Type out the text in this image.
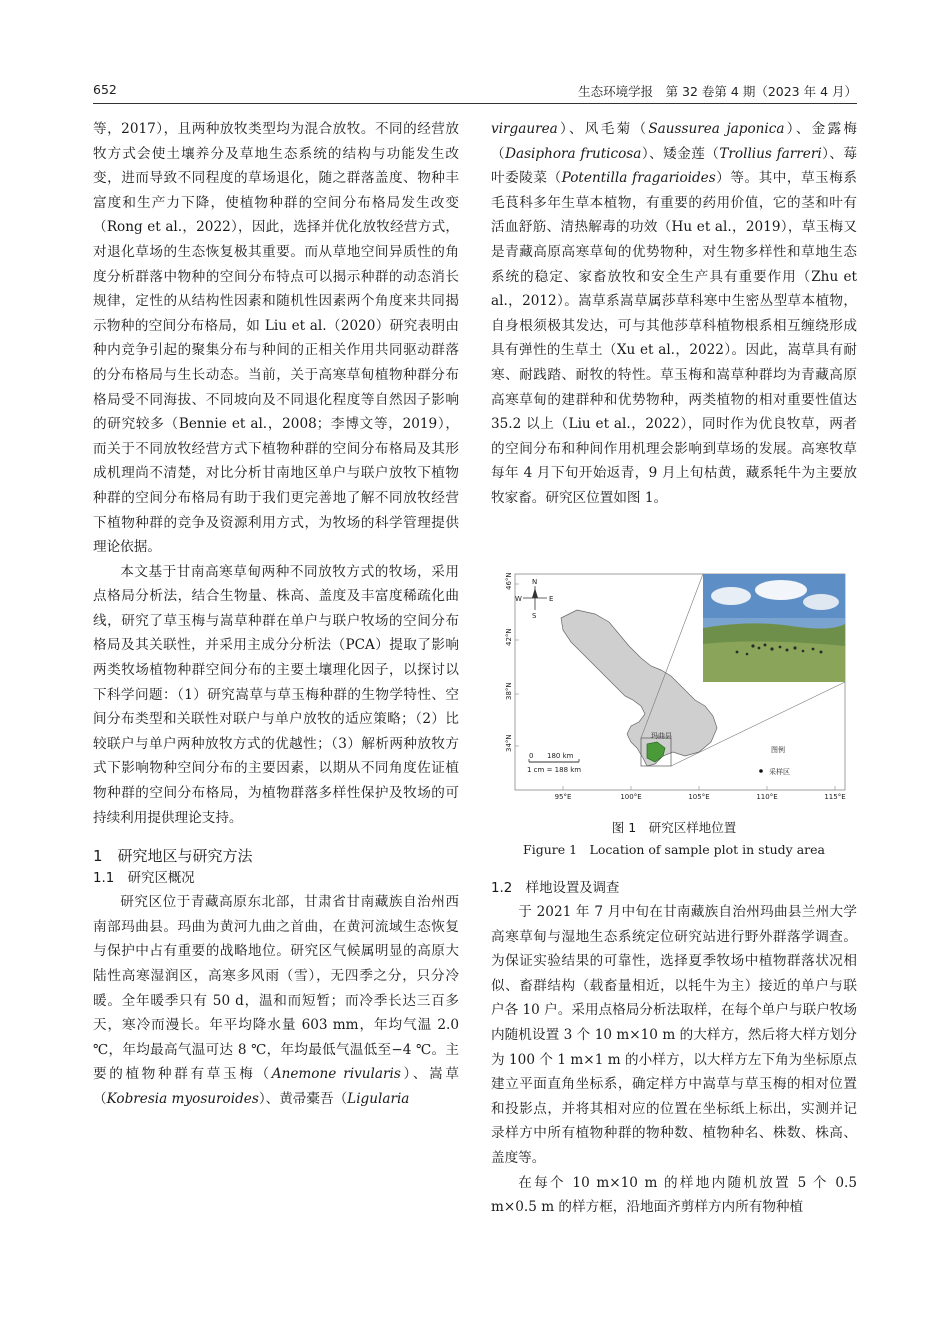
652	生态环境学报　第 32 卷第 4 期（2023 年 4 月）

等，2017），且两种放牧类型均为混合放牧。不同的经营放牧方式会使土壤养分及草地生态系统的结构与功能发生改变，进而导致不同程度的草场退化，随之群落盖度、物种丰富度和生产力下降，使植物种群的空间分布格局发生改变（Rong et al.，2022），因此，选择并优化放牧经营方式，对退化草场的生态恢复极其重要。而从草地空间异质性的角度分析群落中物种的空间分布特点可以揭示种群的动态消长规律，定性的从结构性因素和随机性因素两个角度来共同揭示物种的空间分布格局，如 Liu et al.（2020）研究表明由种内竞争引起的聚集分布与种间的正相关作用共同驱动群落的分布格局与生长动态。当前，关于高寒草甸植物种群分布格局受不同海拔、不同坡向及不同退化程度等自然因子影响的研究较多（Bennie et al.，2008；李博文等，2019），而关于不同放牧经营方式下植物种群的空间分布格局及其形成机理尚不清楚，对比分析甘南地区单户与联户放牧下植物种群的空间分布格局有助于我们更完善地了解不同放牧经营下植物种群的竞争及资源利用方式，为牧场的科学管理提供理论依据。

本文基于甘南高寒草甸两种不同放牧方式的牧场，采用点格局分析法，结合生物量、株高、盖度及丰富度稀疏化曲线，研究了草玉梅与嵩草种群在单户与联户牧场的空间分布格局及其关联性，并采用主成分分析法（PCA）提取了影响两类牧场植物种群空间分布的主要土壤理化因子，以探讨以下科学问题：（1）研究嵩草与草玉梅种群的生物学特性、空间分布类型和关联性对联户与单户放牧的适应策略；（2）比较联户与单户两种放牧方式的优越性；（3）解析两种放牧方式下影响物种空间分布的主要因素，以期从不同角度佐证植物种群的空间分布格局，为植物群落多样性保护及牧场的可持续利用提供理论支持。

1　研究地区与研究方法
1.1　研究区概况

研究区位于青藏高原东北部，甘肃省甘南藏族自治州西南部玛曲县。玛曲为黄河九曲之首曲，在黄河流域生态恢复与保护中占有重要的战略地位。研究区气候属明显的高原大陆性高寒湿润区，高寒多风雨（雪），无四季之分，只分冷暖。全年暖季只有 50 d，温和而短暂；而冷季长达三百多天，寒冷而漫长。年平均降水量 603 mm，年均气温 2.0 ℃，年均最高气温可达 8 ℃，年均最低气温低至−4 ℃。主要的植物种群有草玉梅（Anemone rivularis）、嵩草（Kobresia myosuroides）、黄帚橐吾（Ligularia

virgaurea）、风毛菊（Saussurea japonica）、金露梅（Dasiphora fruticosa）、矮金莲（Trollius farreri）、莓叶委陵菜（Potentilla fragarioides）等。其中，草玉梅系毛茛科多年生草本植物，有重要的药用价值，它的茎和叶有活血舒筋、清热解毒的功效（Hu et al.，2019），草玉梅又是青藏高原高寒草甸的优势物种，对生物多样性和草地生态系统的稳定、家畜放牧和安全生产具有重要作用（Zhu et al.，2012）。嵩草系嵩草属莎草科寒中生密丛型草本植物，自身根须极其发达，可与其他莎草科植物根系相互缠绕形成具有弹性的生草土（Xu et al.，2022）。因此，嵩草具有耐寒、耐践踏、耐牧的特性。草玉梅和嵩草种群均为青藏高原高寒草甸的建群种和优势物种，两类植物的相对重要性值达 35.2 以上（Liu et al.，2022），同时作为优良牧草，两者的空间分布和种间作用机理会影响到草场的发展。高寒牧草每年 4 月下旬开始返青，9 月上旬枯黄，藏系牦牛为主要放牧家畜。研究区位置如图 1。

N
S
W	E
46°N
42°N
38°N
34°N
95°E	100°E	105°E	110°E	115°E
0 180 km
1 cm = 188 km
玛曲县
图例
采样区
图 1　研究区样地位置
Figure 1　Location of sample plot in study area
1.2　样地设置及调查

于 2021 年 7 月中旬在甘南藏族自治州玛曲县兰州大学高寒草甸与湿地生态系统定位研究站进行野外群落学调查。为保证实验结果的可靠性，选择夏季牧场中植物群落状况相似、畜群结构（载畜量相近，以牦牛为主）接近的单户与联户各 10 户。采用点格局分析法取样，在每个单户与联户牧场内随机设置 3 个 10 m×10 m 的大样方，然后将大样方划分为 100 个 1 m×1 m 的小样方，以大样方左下角为坐标原点建立平面直角坐标系，确定样方中嵩草与草玉梅的相对位置和投影点，并将其相对应的位置在坐标纸上标出，实测并记录样方中所有植物种群的物种数、植物种名、株数、株高、盖度等。

在每个 10 m×10 m 的样地内随机放置 5 个 0.5 m×0.5 m 的样方框，沿地面齐剪样方内所有物种植
